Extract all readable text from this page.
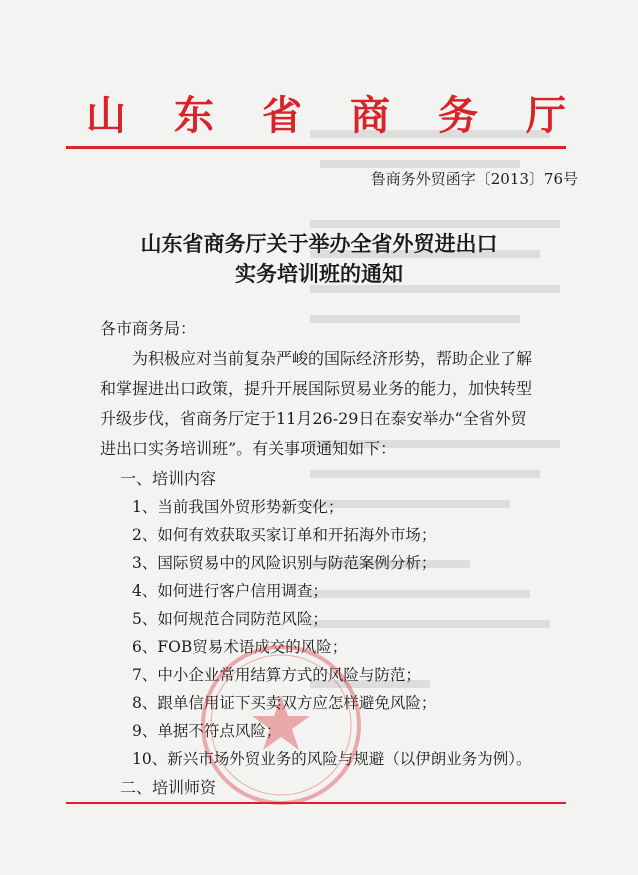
山 东 省 商 务 厅
鲁商务外贸函字〔2013〕76号
山东省商务厅关于举办全省外贸进出口
实务培训班的通知
各市商务局：
为积极应对当前复杂严峻的国际经济形势，帮助企业了解
和掌握进出口政策，提升开展国际贸易业务的能力，加快转型
升级步伐，省商务厅定于11月26-29日在泰安举办“全省外贸
进出口实务培训班”。有关事项通知如下：
一、培训内容
1、当前我国外贸形势新变化；
2、如何有效获取买家订单和开拓海外市场；
3、国际贸易中的风险识别与防范案例分析；
4、如何进行客户信用调查；
5、如何规范合同防范风险；
6、FOB贸易术语成交的风险；
7、中小企业常用结算方式的风险与防范；
8、跟单信用证下买卖双方应怎样避免风险；
9、单据不符点风险；
10、新兴市场外贸业务的风险与规避（以伊朗业务为例）。
二、培训师资
